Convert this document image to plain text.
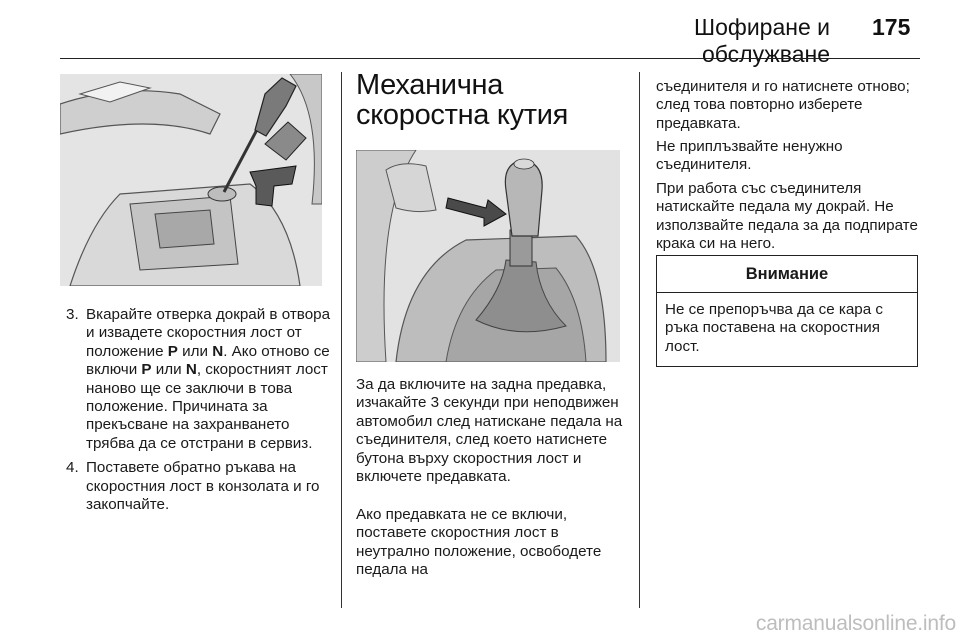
Шофиране и обслужване
175
3. Вкарайте отверка докрай в отвора и извадете скоростния лост от положение P или N. Ако отново се включи P или N, скоростният лост наново ще се заключи в това положение. Причината за прекъсване на захранването трябва да се отстрани в сервиз.
4. Поставете обратно ръкава на скоростния лост в конзолата и го закопчайте.
Механична скоростна кутия

За да включите на задна предавка, изчакайте 3 секунди при неподвижен автомобил след натискане педала на съединителя, след което натиснете бутона върху скоростния лост и включете предавката.

Ако предавката не се включи, поставете скоростния лост в неутрално положение, освободете педала на

съединителя и го натиснете отново; след това повторно изберете предавката.

Не приплъзвайте ненужно съединителя.

При работа със съединителя натискайте педала му докрай. Не използвайте педала за да подпирате крака си на него.

Внимание
Не се препоръчва да се кара с ръка поставена на скоростния лост.
carmanualsonline.info
